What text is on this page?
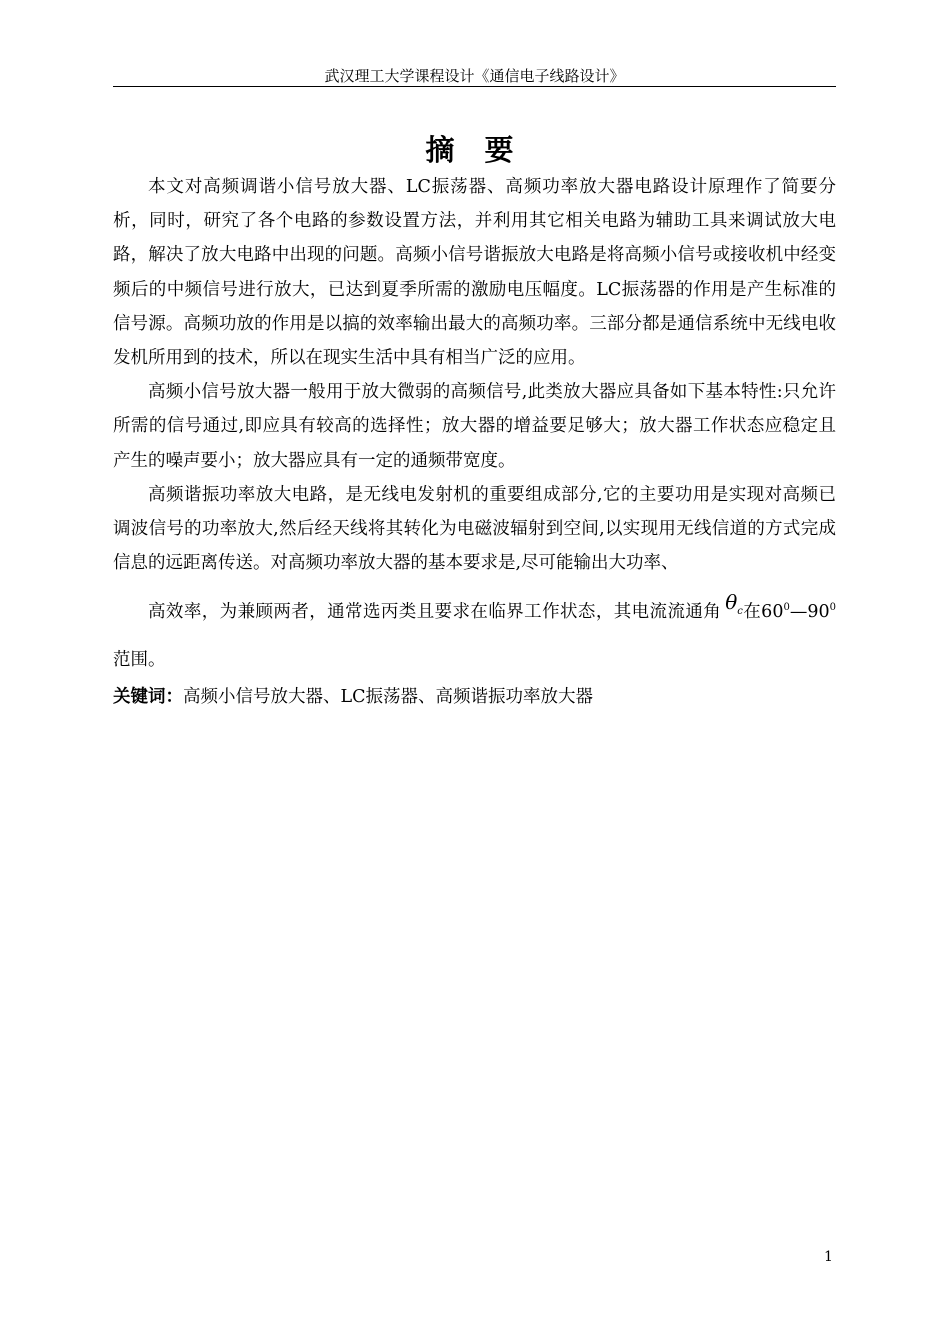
武汉理工大学课程设计《通信电子线路设计》
摘 要

本文对高频调谐小信号放大器、LC振荡器、高频功率放大器电路设计原理作了简要分析，同时，研究了各个电路的参数设置方法，并利用其它相关电路为辅助工具来调试放大电路，解决了放大电路中出现的问题。高频小信号谐振放大电路是将高频小信号或接收机中经变频后的中频信号进行放大，已达到夏季所需的激励电压幅度。LC振荡器的作用是产生标准的信号源。高频功放的作用是以搞的效率输出最大的高频功率。三部分都是通信系统中无线电收发机所用到的技术，所以在现实生活中具有相当广泛的应用。

高频小信号放大器一般用于放大微弱的高频信号,此类放大器应具备如下基本特性:只允许所需的信号通过,即应具有较高的选择性；放大器的增益要足够大；放大器工作状态应稳定且产生的噪声要小；放大器应具有一定的通频带宽度。

高频谐振功率放大电路，是无线电发射机的重要组成部分,它的主要功用是实现对高频已调波信号的功率放大,然后经天线将其转化为电磁波辐射到空间,以实现用无线信道的方式完成信息的远距离传送。对高频功率放大器的基本要求是,尽可能输出大功率、
高效率，为兼顾两者，通常选丙类且要求在临界工作状态，其电流流通角 $\theta_c$在$60^0—90^0$范围。

关键词：高频小信号放大器、LC振荡器、高频谐振功率放大器

1
